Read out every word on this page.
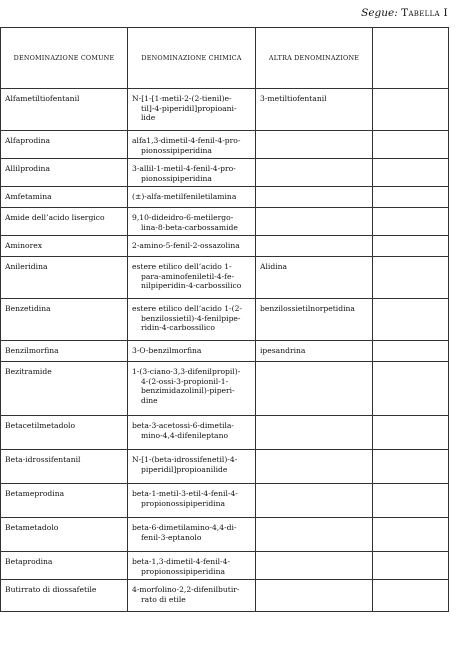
Segue: Tabella I
DENOMINAZIONE COMUNE	DENOMINAZIONE CHIMICA	ALTRA DENOMINAZIONE	
Alfametiltiofentanil	N-[1-[1-metil-2-(2-tienil)e-
til]-4-piperidil]propioani-
lide	3-metiltiofentanil	
Alfaprodina	alfa1,3-dimetil-4-fenil-4-pro-
pionossipiperidina		

Allilprodina	3-allil-1-metil-4-fenil-4-pro-
pionossipiperidina		

Amfetamina	(±)-alfa-metilfeniletilamina		

Amide dell’acido lisergico	9,10-dideidro-6-metilergo-
lina-8-beta-carbossamide		

Aminorex	2-amino-5-fenil-2-ossazolina		

Anileridina	estere etilico dell’acido 1-
para-aminofeniletil-4-fe-
nilpiperidin-4-carbossilico	Alidina	
Benzetidina	estere etilico dell’acido 1-(2-
benzilossietil)-4-fenilpipe-
ridin-4-carbossilico	benzilossietilnorpetidina	
Benzilmorfina	3-O-benzilmorfina	ipesandrina	
Bezitramide	1-(3-ciano-3,3-difenilpropil)-
4-(2-ossi-3-propionil-1-
benzimidazolinil)-piperi-
dine		

Betacetilmetadolo	beta-3-acetossi-6-dimetila-
mino-4,4-difenileptano		

Beta-idrossifentanil	N-[1-(beta-idrossifenetil)-4-
piperidil]propioanilide		

Betameprodina	beta-1-metil-3-etil-4-fenil-4-
propionossipiperidina		

Betametadolo	beta-6-dimetilamino-4,4-di-
fenil-3-eptanolo		

Betaprodina	beta-1,3-dimetil-4-fenil-4-
propionossipiperidina		

Butirrato di diossafetile	4-morfolino-2,2-difenilbutir-
rato di etile		
